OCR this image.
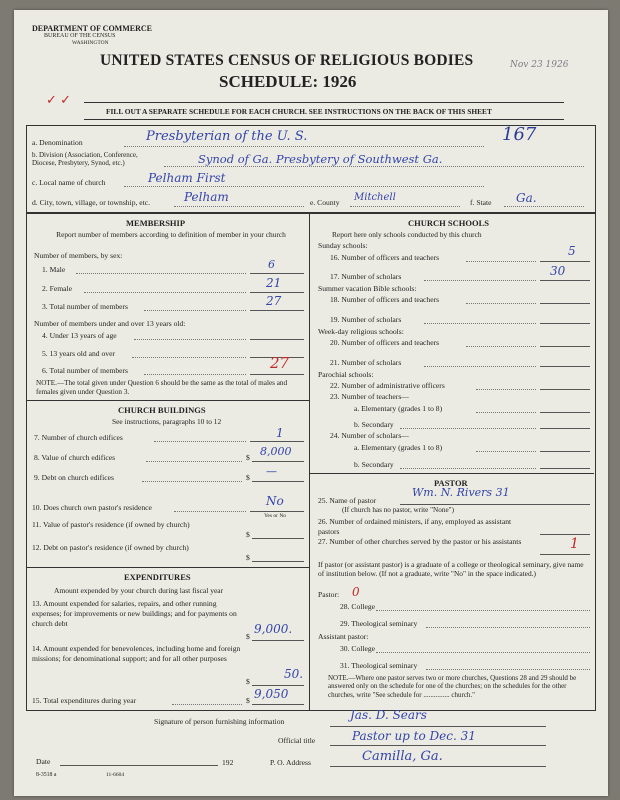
DEPARTMENT OF COMMERCE
BUREAU OF THE CENSUS
WASHINGTON
UNITED STATES CENSUS OF RELIGIOUS BODIES
SCHEDULE: 1926
Nov 23 1926
✓ ✓
FILL OUT A SEPARATE SCHEDULE FOR EACH CHURCH. SEE INSTRUCTIONS ON THE BACK OF THIS SHEET
a. Denomination	Presbyterian of the U. S.	167
b. Division (Association, Conference, Diocese, Presbytery, Synod, etc.)	Synod of Ga. Presbytery of Southwest Ga.
c. Local name of church	Pelham First
d. City, town, village, or township, etc.	Pelham	e. County Mitchell	f. State Ga.
MEMBERSHIP
Report number of members according to definition of member in your church
Number of members, by sex:
1. Male	6
2. Female	21
3. Total number of members	27
Number of members under and over 13 years old:
4. Under 13 years of age
5. 13 years old and over
6. Total number of members	27
NOTE.—The total given under Question 6 should be the same as the total of males and females given under Question 3.
CHURCH BUILDINGS
See instructions, paragraphs 10 to 12
7. Number of church edifices	1
8. Value of church edifices	$ 8,000
9. Debt on church edifices	$ —
10. Does church own pastor's residence	No
Yes or No
11. Value of pastor's residence (if owned by church)
$
12. Debt on pastor's residence (if owned by church)
$
EXPENDITURES
Amount expended by your church during last fiscal year
13. Amount expended for salaries, repairs, and other running expenses; for improvements or new buildings; and for payments on church debt
$
9,000.
14. Amount expended for benevolences, including home and foreign missions; for denominational support; and for all other purposes
$
50.
15. Total expenditures during year	$ 9,050
CHURCH SCHOOLS
Report here only schools conducted by this church
Sunday schools:
16. Number of officers and teachers	5
17. Number of scholars	30
Summer vacation Bible schools:
18. Number of officers and teachers
19. Number of scholars
Week-day religious schools:
20. Number of officers and teachers
21. Number of scholars
Parochial schools:
22. Number of administrative officers
23. Number of teachers—
a. Elementary (grades 1 to 8)
b. Secondary
24. Number of scholars—
a. Elementary (grades 1 to 8)
b. Secondary
PASTOR
25. Name of pastor
Wm. N. Rivers 31
(If church has no pastor, write "None")
26. Number of ordained ministers, if any, employed as assistant pastors
27. Number of other churches served by the pastor or his assistants	1
If pastor (or assistant pastor) is a graduate of a college or theological seminary, give name of institution below. (If not a graduate, write "No" in the space indicated.)
Pastor: 0
28. College
29. Theological seminary
Assistant pastor:
30. College
31. Theological seminary
NOTE.—Where one pastor serves two or more churches, Questions 28 and 29 should be answered only on the schedule for one of the churches; on the schedules for the other churches, write "See schedule for ............... church."
Signature of person furnishing information	Jas. D. Sears
Official title	Pastor up to Dec. 31
Date	192	P. O. Address	Camilla, Ga.
8-3518 a	11-6604
